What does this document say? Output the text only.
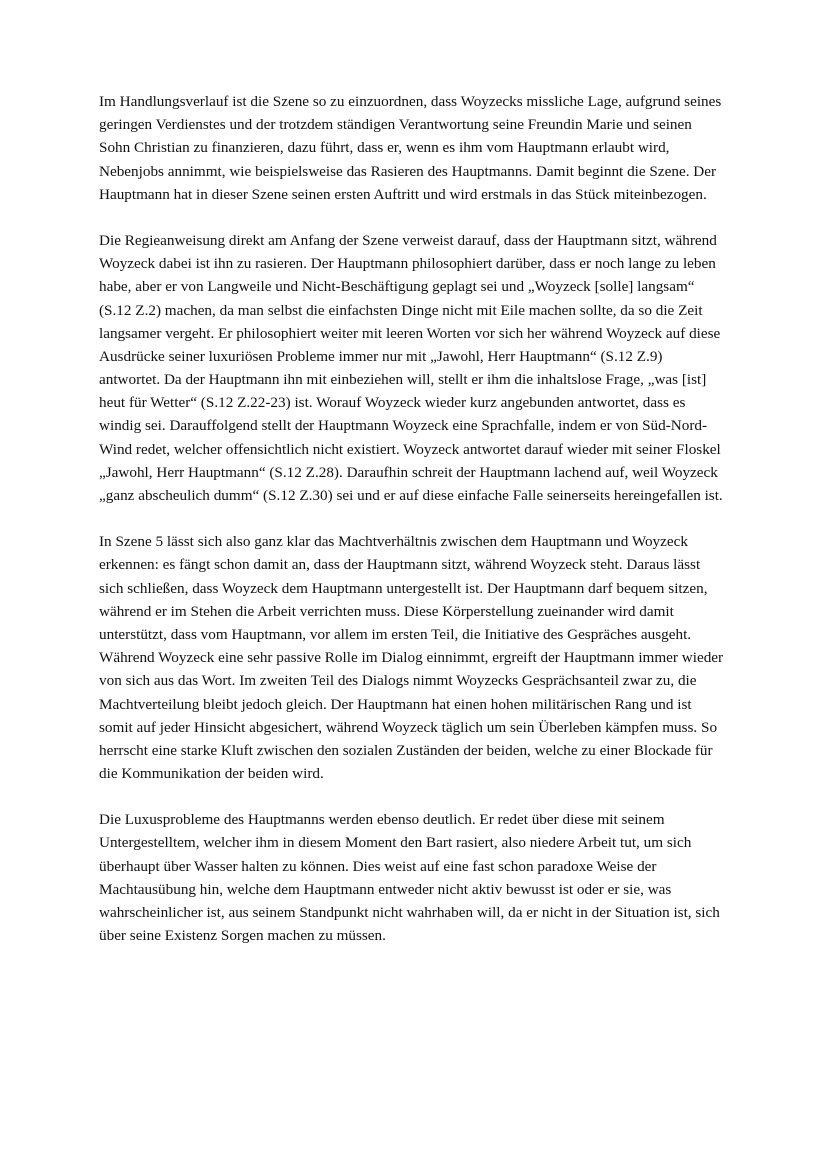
Im Handlungsverlauf ist die Szene so zu einzuordnen, dass Woyzecks missliche Lage, aufgrund seines
geringen Verdienstes und der trotzdem ständigen Verantwortung seine Freundin Marie und seinen
Sohn Christian zu finanzieren, dazu führt, dass er, wenn es ihm vom Hauptmann erlaubt wird,
Nebenjobs annimmt, wie beispielsweise das Rasieren des Hauptmanns. Damit beginnt die Szene. Der
Hauptmann hat in dieser Szene seinen ersten Auftritt und wird erstmals in das Stück miteinbezogen.

Die Regieanweisung direkt am Anfang der Szene verweist darauf, dass der Hauptmann sitzt, während
Woyzeck dabei ist ihn zu rasieren. Der Hauptmann philosophiert darüber, dass er noch lange zu leben
habe, aber er von Langweile und Nicht-Beschäftigung geplagt sei und „Woyzeck [solle] langsam“
(S.12 Z.2) machen, da man selbst die einfachsten Dinge nicht mit Eile machen sollte, da so die Zeit
langsamer vergeht. Er philosophiert weiter mit leeren Worten vor sich her während Woyzeck auf diese
Ausdrücke seiner luxuriösen Probleme immer nur mit „Jawohl, Herr Hauptmann“ (S.12 Z.9)
antwortet. Da der Hauptmann ihn mit einbeziehen will, stellt er ihm die inhaltslose Frage, „was [ist]
heut für Wetter“ (S.12 Z.22-23) ist. Worauf Woyzeck wieder kurz angebunden antwortet, dass es
windig sei. Darauffolgend stellt der Hauptmann Woyzeck eine Sprachfalle, indem er von Süd-Nord-
Wind redet, welcher offensichtlich nicht existiert. Woyzeck antwortet darauf wieder mit seiner Floskel
„Jawohl, Herr Hauptmann“ (S.12 Z.28). Daraufhin schreit der Hauptmann lachend auf, weil Woyzeck
„ganz abscheulich dumm“ (S.12 Z.30) sei und er auf diese einfache Falle seinerseits hereingefallen ist.

In Szene 5 lässt sich also ganz klar das Machtverhältnis zwischen dem Hauptmann und Woyzeck
erkennen: es fängt schon damit an, dass der Hauptmann sitzt, während Woyzeck steht. Daraus lässt
sich schließen, dass Woyzeck dem Hauptmann untergestellt ist. Der Hauptmann darf bequem sitzen,
während er im Stehen die Arbeit verrichten muss. Diese Körperstellung zueinander wird damit
unterstützt, dass vom Hauptmann, vor allem im ersten Teil, die Initiative des Gespräches ausgeht.
Während Woyzeck eine sehr passive Rolle im Dialog einnimmt, ergreift der Hauptmann immer wieder
von sich aus das Wort. Im zweiten Teil des Dialogs nimmt Woyzecks Gesprächsanteil zwar zu, die
Machtverteilung bleibt jedoch gleich. Der Hauptmann hat einen hohen militärischen Rang und ist
somit auf jeder Hinsicht abgesichert, während Woyzeck täglich um sein Überleben kämpfen muss. So
herrscht eine starke Kluft zwischen den sozialen Zuständen der beiden, welche zu einer Blockade für
die Kommunikation der beiden wird.

Die Luxusprobleme des Hauptmanns werden ebenso deutlich. Er redet über diese mit seinem
Untergestelltem, welcher ihm in diesem Moment den Bart rasiert, also niedere Arbeit tut, um sich
überhaupt über Wasser halten zu können. Dies weist auf eine fast schon paradoxe Weise der
Machtausübung hin, welche dem Hauptmann entweder nicht aktiv bewusst ist oder er sie, was
wahrscheinlicher ist, aus seinem Standpunkt nicht wahrhaben will, da er nicht in der Situation ist, sich
über seine Existenz Sorgen machen zu müssen.
